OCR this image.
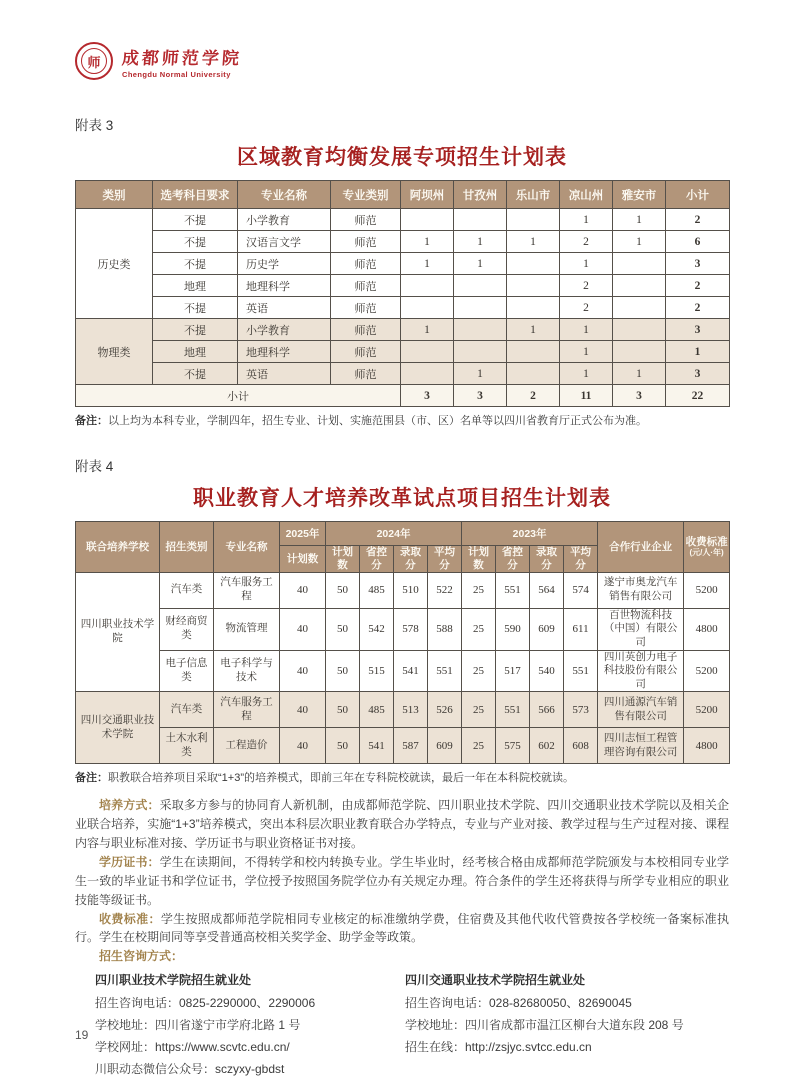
师	成都师范学院
Chengdu Normal University
附表 3
区域教育均衡发展专项招生计划表
类别	选考科目要求	专业名称	专业类别	阿坝州	甘孜州	乐山市	凉山州	雅安市	小计
历史类	不提	小学教育	师范				1	1	2
	不提	汉语言文学	师范	1	1	1	2	1	6
	不提	历史学	师范	1	1		1		3
	地理	地理科学	师范				2		2
	不提	英语	师范				2		2
物理类	不提	小学教育	师范	1		1	1		3
	地理	地理科学	师范				1		1
	不提	英语	师范		1		1	1	3
小计				3	3	2	11	3	22
备注：以上均为本科专业，学制四年，招生专业、计划、实施范围县（市、区）名单等以四川省教育厅正式公布为准。
附表 4
职业教育人才培养改革试点项目招生计划表
联合培养学校	招生类别	专业名称	2025年	2024年				2023年				合作行业企业	收费标准
(元/人·年)

			计划数	计划数	省控分	录取分	平均分	计划数	省控分	录取分	平均分		
四川职业技术学院	汽车类	汽车服务工程	40	50	485	510	522	25	551	564	574	遂宁市奥龙汽车销售有限公司	5200
	财经商贸类	物流管理	40	50	542	578	588	25	590	609	611	百世物流科技（中国）有限公司	4800
	电子信息类	电子科学与技术	40	50	515	541	551	25	517	540	551	四川英创力电子科技股份有限公司	5200
四川交通职业技术学院	汽车类	汽车服务工程	40	50	485	513	526	25	551	566	573	四川通源汽车销售有限公司	5200
	土木水利类	工程造价	40	50	541	587	609	25	575	602	608	四川志恒工程管理咨询有限公司	4800
备注：职教联合培养项目采取“1+3”的培养模式，即前三年在专科院校就读，最后一年在本科院校就读。
培养方式：采取多方参与的协同育人新机制，由成都师范学院、四川职业技术学院、四川交通职业技术学院以及相关企业联合培养，实施“1+3”培养模式，突出本科层次职业教育联合办学特点，专业与产业对接、教学过程与生产过程对接、课程内容与职业标准对接、学历证书与职业资格证书对接。
学历证书：学生在读期间，不得转学和校内转换专业。学生毕业时，经考核合格由成都师范学院颁发与本校相同专业学生一致的毕业证书和学位证书，学位授予按照国务院学位办有关规定办理。符合条件的学生还将获得与所学专业相应的职业技能等级证书。
收费标准：学生按照成都师范学院相同专业核定的标准缴纳学费，住宿费及其他代收代管费按各学校统一备案标准执行。学生在校期间同等享受普通高校相关奖学金、助学金等政策。
招生咨询方式：
四川职业技术学院招生就业处
招生咨询电话：0825-2290000、2290006
学校地址：四川省遂宁市学府北路 1 号
学校网址：https://www.scvtc.edu.cn/
川职动态微信公众号：sczyxy-gbdst
四川交通职业技术学院招生就业处
招生咨询电话：028-82680050、82690045
学校地址：四川省成都市温江区柳台大道东段 208 号
招生在线：http://zsjyc.svtcc.edu.cn
19
